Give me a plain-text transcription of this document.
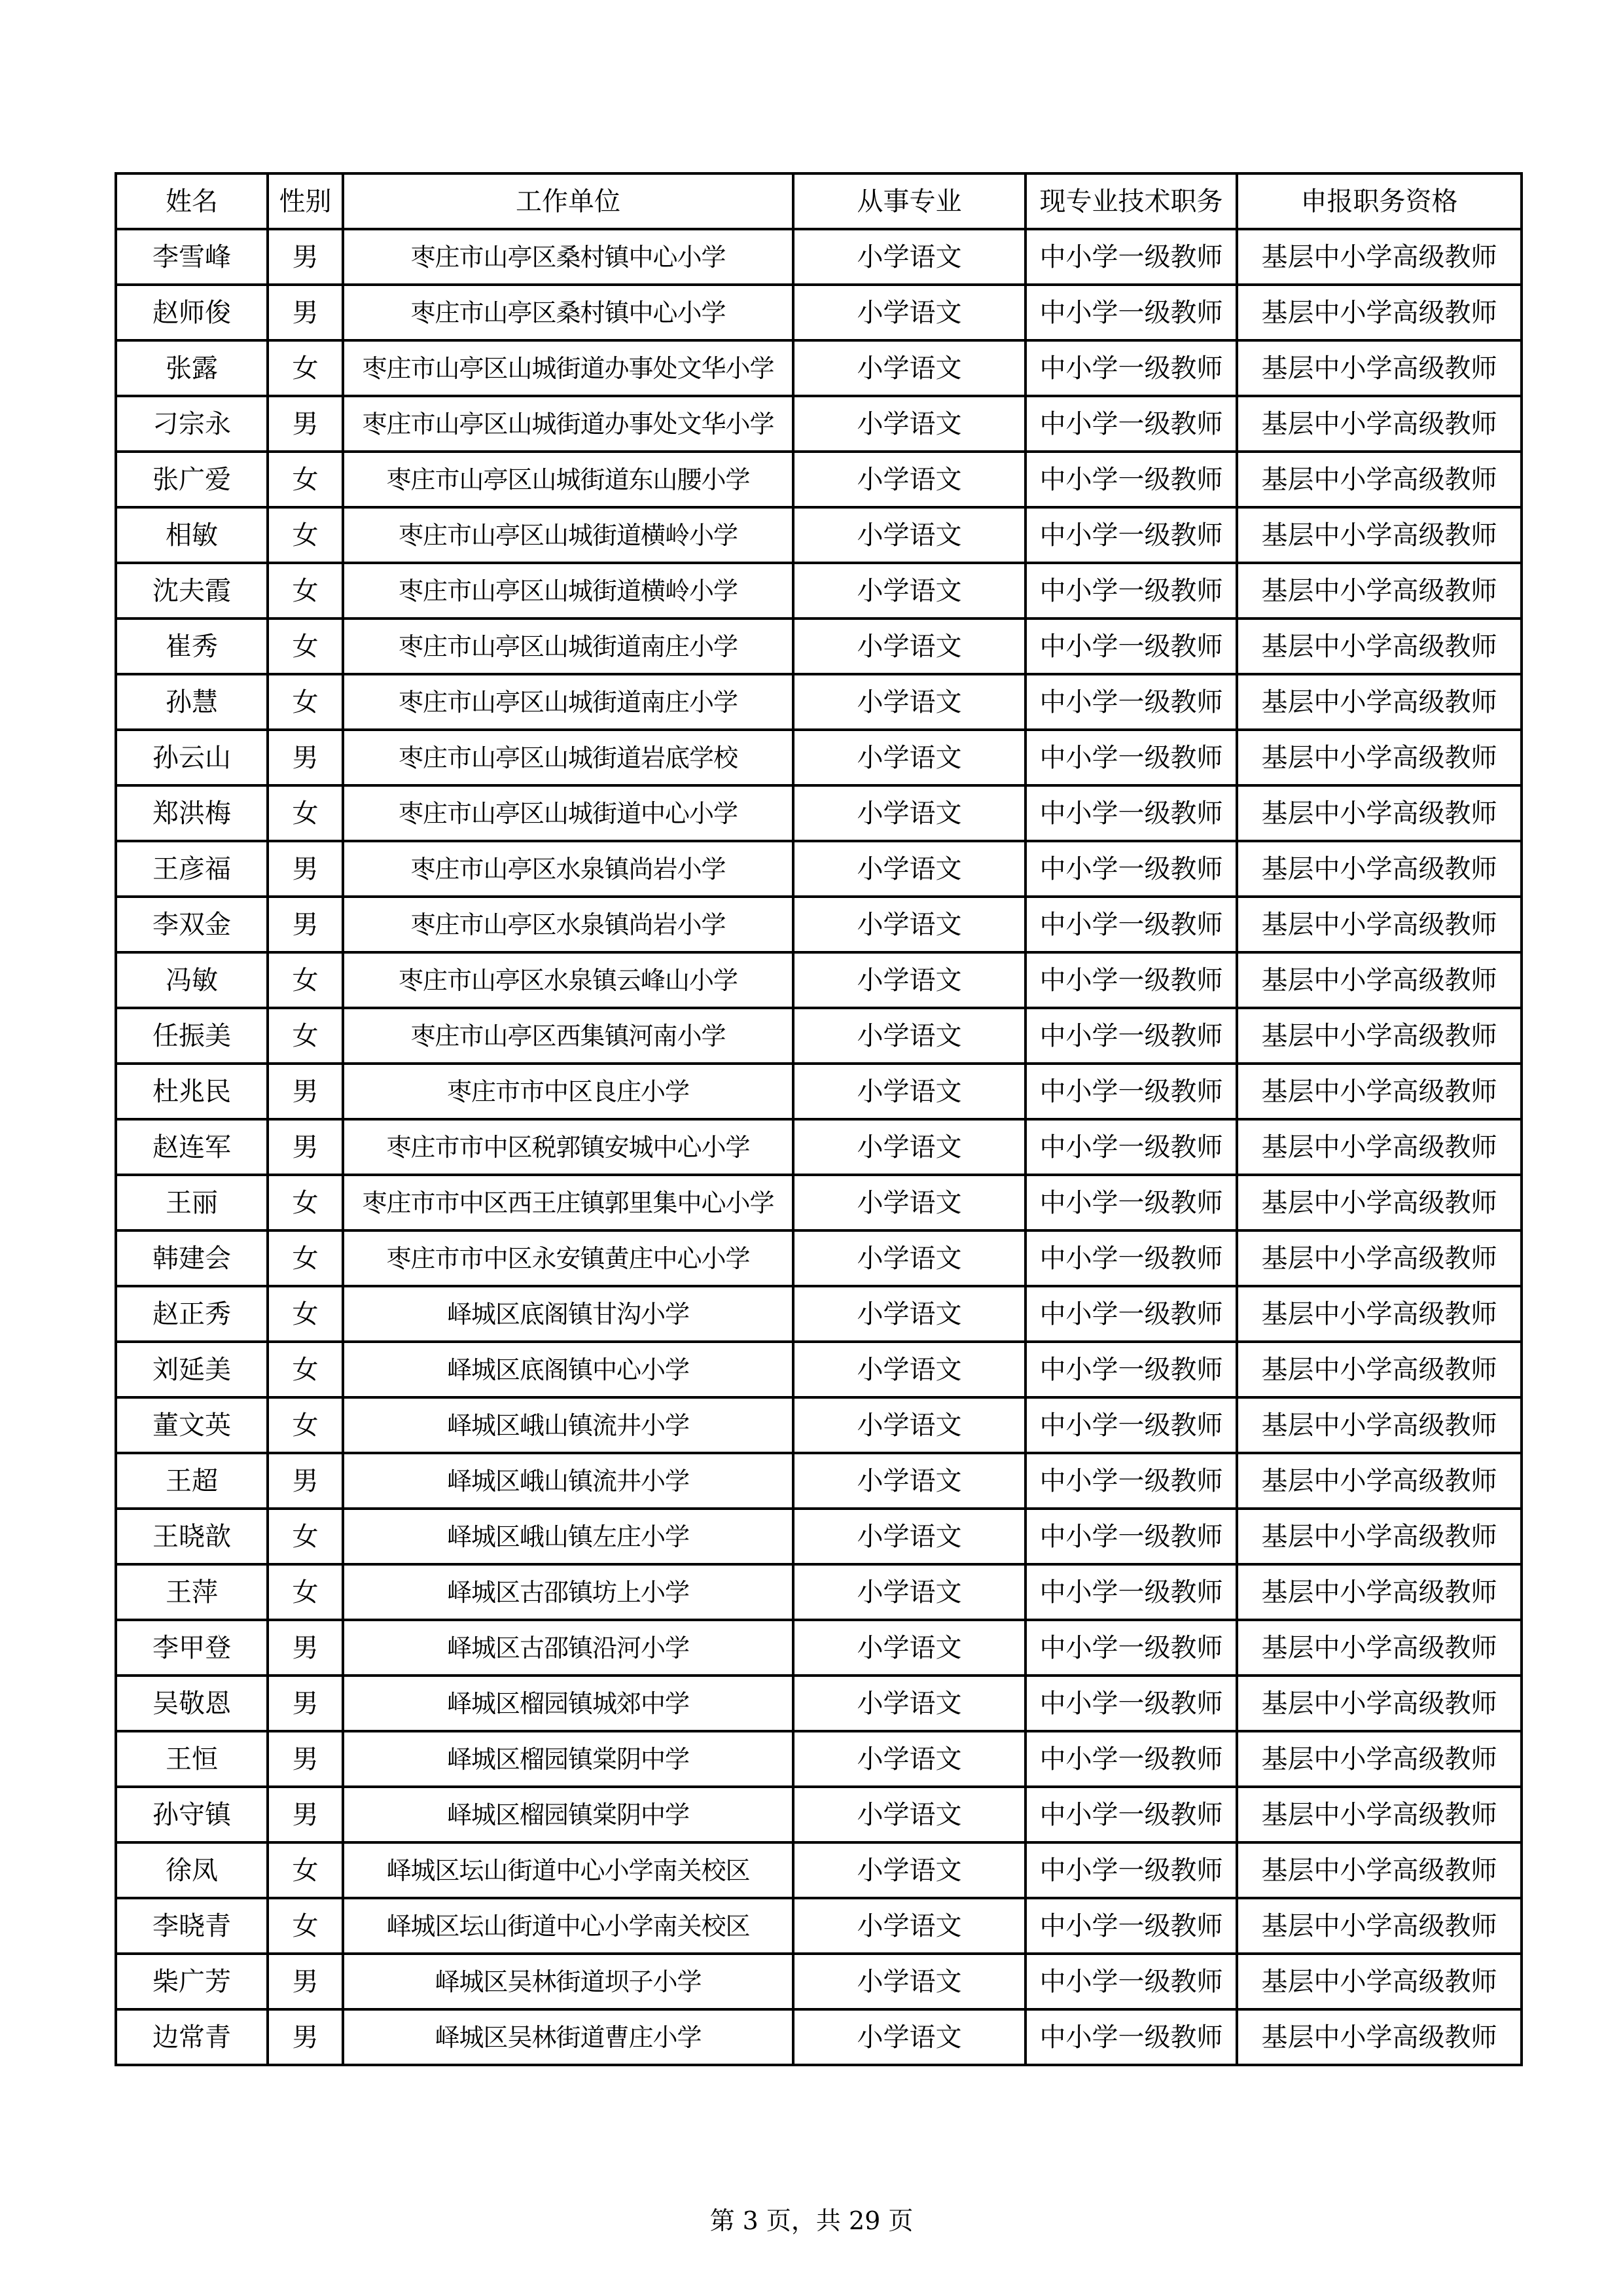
姓名	性别	工作单位	从事专业	现专业技术职务	申报职务资格
李雪峰	男	枣庄市山亭区桑村镇中心小学	小学语文	中小学一级教师	基层中小学高级教师
赵师俊	男	枣庄市山亭区桑村镇中心小学	小学语文	中小学一级教师	基层中小学高级教师
张露	女	枣庄市山亭区山城街道办事处文华小学	小学语文	中小学一级教师	基层中小学高级教师
刁宗永	男	枣庄市山亭区山城街道办事处文华小学	小学语文	中小学一级教师	基层中小学高级教师
张广爱	女	枣庄市山亭区山城街道东山腰小学	小学语文	中小学一级教师	基层中小学高级教师
相敏	女	枣庄市山亭区山城街道横岭小学	小学语文	中小学一级教师	基层中小学高级教师
沈夫霞	女	枣庄市山亭区山城街道横岭小学	小学语文	中小学一级教师	基层中小学高级教师
崔秀	女	枣庄市山亭区山城街道南庄小学	小学语文	中小学一级教师	基层中小学高级教师
孙慧	女	枣庄市山亭区山城街道南庄小学	小学语文	中小学一级教师	基层中小学高级教师
孙云山	男	枣庄市山亭区山城街道岩底学校	小学语文	中小学一级教师	基层中小学高级教师
郑洪梅	女	枣庄市山亭区山城街道中心小学	小学语文	中小学一级教师	基层中小学高级教师
王彦福	男	枣庄市山亭区水泉镇尚岩小学	小学语文	中小学一级教师	基层中小学高级教师
李双金	男	枣庄市山亭区水泉镇尚岩小学	小学语文	中小学一级教师	基层中小学高级教师
冯敏	女	枣庄市山亭区水泉镇云峰山小学	小学语文	中小学一级教师	基层中小学高级教师
任振美	女	枣庄市山亭区西集镇河南小学	小学语文	中小学一级教师	基层中小学高级教师
杜兆民	男	枣庄市市中区良庄小学	小学语文	中小学一级教师	基层中小学高级教师
赵连军	男	枣庄市市中区税郭镇安城中心小学	小学语文	中小学一级教师	基层中小学高级教师
王丽	女	枣庄市市中区西王庄镇郭里集中心小学	小学语文	中小学一级教师	基层中小学高级教师
韩建会	女	枣庄市市中区永安镇黄庄中心小学	小学语文	中小学一级教师	基层中小学高级教师
赵正秀	女	峄城区底阁镇甘沟小学	小学语文	中小学一级教师	基层中小学高级教师
刘延美	女	峄城区底阁镇中心小学	小学语文	中小学一级教师	基层中小学高级教师
董文英	女	峄城区峨山镇流井小学	小学语文	中小学一级教师	基层中小学高级教师
王超	男	峄城区峨山镇流井小学	小学语文	中小学一级教师	基层中小学高级教师
王晓歆	女	峄城区峨山镇左庄小学	小学语文	中小学一级教师	基层中小学高级教师
王萍	女	峄城区古邵镇坊上小学	小学语文	中小学一级教师	基层中小学高级教师
李甲登	男	峄城区古邵镇沿河小学	小学语文	中小学一级教师	基层中小学高级教师
吴敬恩	男	峄城区榴园镇城郊中学	小学语文	中小学一级教师	基层中小学高级教师
王恒	男	峄城区榴园镇棠阴中学	小学语文	中小学一级教师	基层中小学高级教师
孙守镇	男	峄城区榴园镇棠阴中学	小学语文	中小学一级教师	基层中小学高级教师
徐凤	女	峄城区坛山街道中心小学南关校区	小学语文	中小学一级教师	基层中小学高级教师
李晓青	女	峄城区坛山街道中心小学南关校区	小学语文	中小学一级教师	基层中小学高级教师
柴广芳	男	峄城区吴林街道坝子小学	小学语文	中小学一级教师	基层中小学高级教师
边常青	男	峄城区吴林街道曹庄小学	小学语文	中小学一级教师	基层中小学高级教师
第 3 页，共 29 页
